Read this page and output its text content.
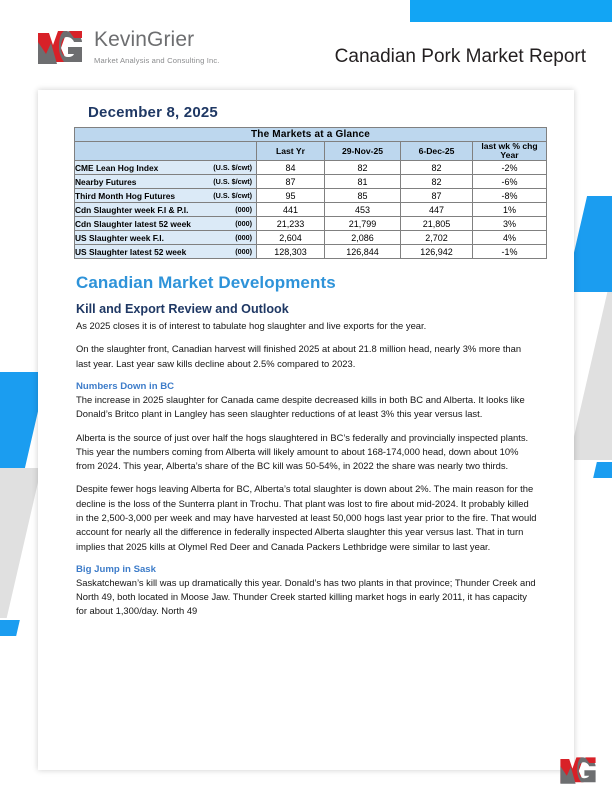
KevinGrier
Market Analysis and Consulting Inc.	Canadian Pork Market Report
December 8, 2025
The Markets at a Glance				
	Last Yr	29-Nov-25	6-Dec-25	last wk % chg Year
CME Lean Hog Index (U.S. $/cwt)	84	82	82	-2%
Nearby Futures (U.S. $/cwt)	87	81	82	-6%
Third Month Hog Futures (U.S. $/cwt)	95	85	87	-8%
Cdn Slaughter week F.I & P.I. (000)	441	453	447	1%
Cdn Slaughter latest 52 week (000)	21,233	21,799	21,805	3%
US Slaughter week F.I. (000)	2,604	2,086	2,702	4%
US Slaughter latest 52 week (000)	128,303	126,844	126,942	-1%
Canadian Market Developments
Kill and Export Review and Outlook

As 2025 closes it is of interest to tabulate hog slaughter and live exports for the year.

On the slaughter front, Canadian harvest will finished 2025 at about 21.8 million head, nearly 3% more than last year. Last year saw kills decline about 2.5% compared to 2023.

Numbers Down in BC

The increase in 2025 slaughter for Canada came despite decreased kills in both BC and Alberta. It looks like Donald’s Britco plant in Langley has seen slaughter reductions of at least 3% this year versus last.

Alberta is the source of just over half the hogs slaughtered in BC’s federally and provincially inspected plants. This year the numbers coming from Alberta will likely amount to about 168-174,000 head, down about 10% from 2024. This year, Alberta’s share of the BC kill was 50-54%, in 2022 the share was nearly two thirds.

Despite fewer hogs leaving Alberta for BC, Alberta’s total slaughter is down about 2%. The main reason for the decline is the loss of the Sunterra plant in Trochu. That plant was lost to fire about mid-2024. It probably killed in the 2,500-3,000 per week and may have harvested at least 50,000 hogs last year prior to the fire. That would account for nearly all the difference in federally inspected Alberta slaughter this year versus last. That in turn implies that 2025 kills at Olymel Red Deer and Canada Packers Lethbridge were similar to last year.

Big Jump in Sask

Saskatchewan’s kill was up dramatically this year. Donald’s has two plants in that province; Thunder Creek and North 49, both located in Moose Jaw. Thunder Creek started killing market hogs in early 2011, it has capacity for about 1,300/day. North 49
